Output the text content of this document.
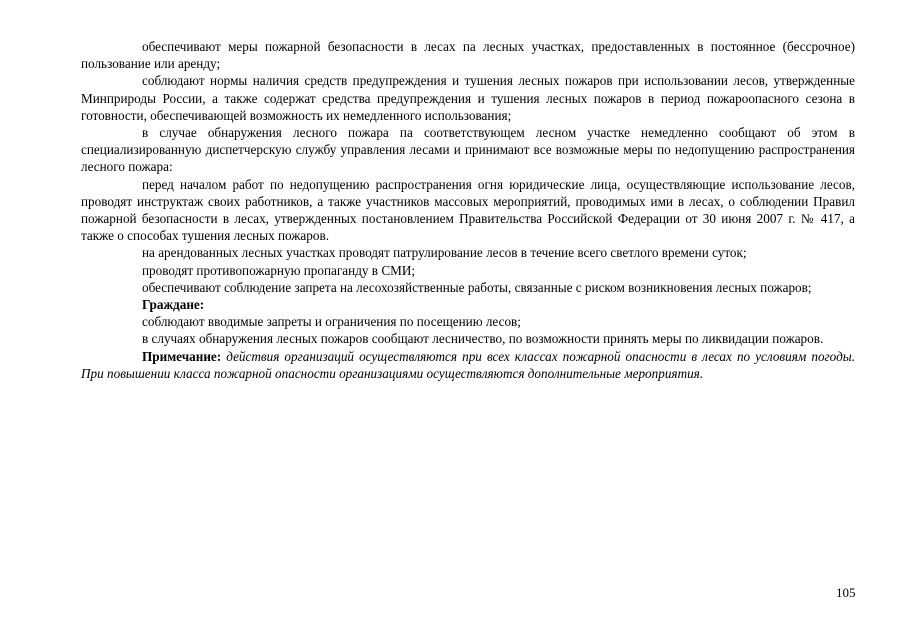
обеспечивают меры пожарной безопасности в лесах па лесных участках, предоставленных в постоянное (бессрочное) пользование или аренду;

соблюдают нормы наличия средств предупреждения и тушения лесных пожаров при использовании лесов, утвержденные Минприроды России, а также содержат средства предупреждения и тушения лесных пожаров в период пожароопасного сезона в готовности, обеспечивающей возможность их немедленного использования;

в случае обнаружения лесного пожара па соответствующем лесном участке немедленно сообщают об этом в специализированную диспетчерскую службу управления лесами и принимают все возможные меры по недопущению распространения лесного пожара:

перед началом работ по недопущению распространения огня юридические лица, осуществляющие использование лесов, проводят инструктаж своих работников, а также участников массовых мероприятий, проводимых ими в лесах, о соблюдении Правил пожарной безопасности в лесах, утвержденных постановлением Правительства Российской Федерации от 30 июня 2007 г. № 417, а также о способах тушения лесных пожаров.

на арендованных лесных участках проводят патрулирование лесов в течение всего светлого времени суток;

проводят противопожарную пропаганду в СМИ;

обеспечивают соблюдение запрета на лесохозяйственные работы, связанные с риском возникновения лесных пожаров;

Граждане:

соблюдают вводимые запреты и ограничения по посещению лесов;

в случаях обнаружения лесных пожаров сообщают лесничество, по возможности принять меры по ликвидации пожаров.

Примечание: действия организаций осуществляются при всех классах пожарной опасности в лесах по условиям погоды. При повышении класса пожарной опасности организациями осуществляются дополнительные мероприятия.

105
